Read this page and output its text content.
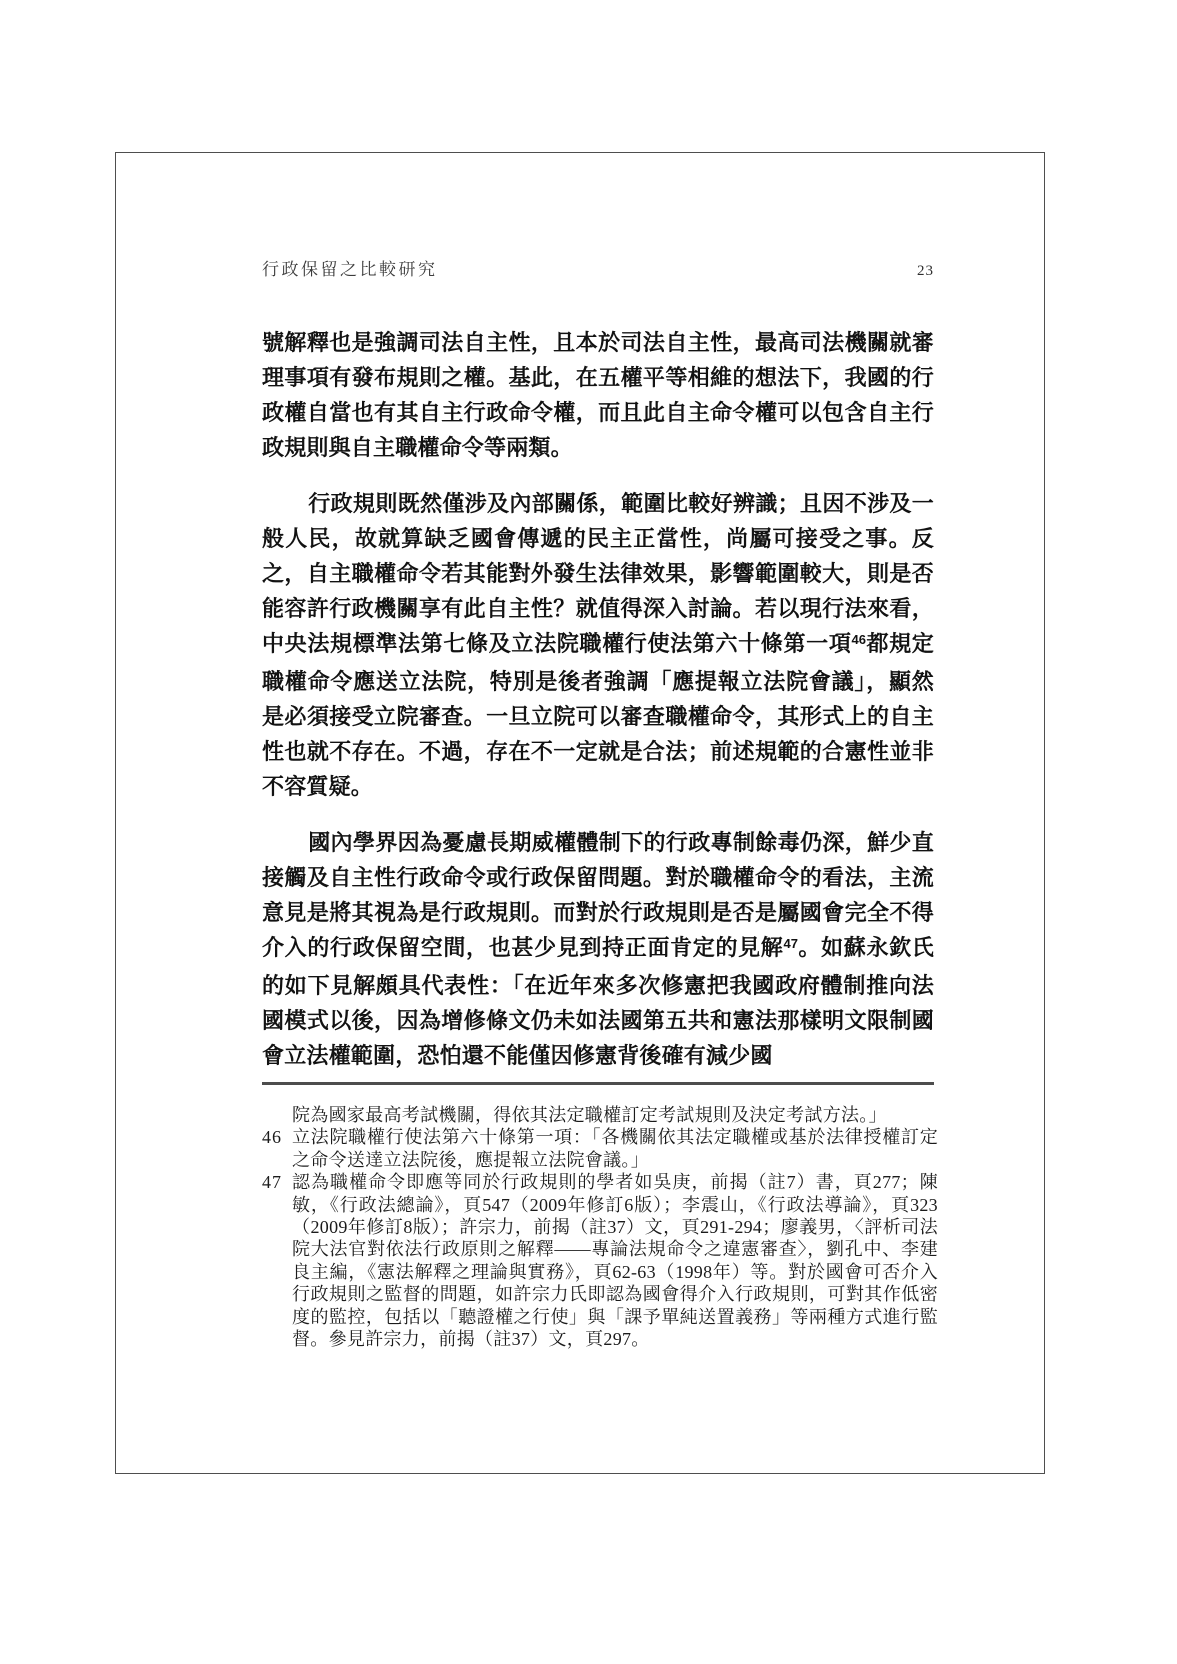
行政保留之比較研究	23

號解釋也是強調司法自主性，且本於司法自主性，最高司法機關就審理事項有發布規則之權。基此，在五權平等相維的想法下，我國的行政權自當也有其自主行政命令權，而且此自主命令權可以包含自主行政規則與自主職權命令等兩類。

行政規則既然僅涉及內部關係，範圍比較好辨識；且因不涉及一般人民，故就算缺乏國會傳遞的民主正當性，尚屬可接受之事。反之，自主職權命令若其能對外發生法律效果，影響範圍較大，則是否能容許行政機關享有此自主性？就值得深入討論。若以現行法來看，中央法規標準法第七條及立法院職權行使法第六十條第一項$^{46}$都規定職權命令應送立法院，特別是後者強調「應提報立法院會議」，顯然是必須接受立院審查。一旦立院可以審查職權命令，其形式上的自主性也就不存在。不過，存在不一定就是合法；前述規範的合憲性並非不容質疑。

國內學界因為憂慮長期威權體制下的行政專制餘毒仍深，鮮少直接觸及自主性行政命令或行政保留問題。對於職權命令的看法，主流意見是將其視為是行政規則。而對於行政規則是否是屬國會完全不得介入的行政保留空間，也甚少見到持正面肯定的見解$^{47}$。如蘇永欽氏的如下見解頗具代表性：「在近年來多次修憲把我國政府體制推向法國模式以後，因為增修條文仍未如法國第五共和憲法那樣明文限制國會立法權範圍，恐怕還不能僅因修憲背後確有減少國

院為國家最高考試機關，得依其法定職權訂定考試規則及決定考試方法。」
46 立法院職權行使法第六十條第一項：「各機關依其法定職權或基於法律授權訂定之命令送達立法院後，應提報立法院會議。」
47 認為職權命令即應等同於行政規則的學者如吳庚，前揭（註7）書，頁277；陳敏，《行政法總論》，頁547（2009年修訂6版）；李震山，《行政法導論》，頁323（2009年修訂8版）；許宗力，前揭（註37）文，頁291-294；廖義男，〈評析司法院大法官對依法行政原則之解釋——專論法規命令之違憲審查〉，劉孔中、李建良主編，《憲法解釋之理論與實務》，頁62-63（1998年）等。對於國會可否介入行政規則之監督的問題，如許宗力氏即認為國會得介入行政規則，可對其作低密度的監控，包括以「聽證權之行使」與「課予單純送置義務」等兩種方式進行監督。參見許宗力，前揭（註37）文，頁297。
